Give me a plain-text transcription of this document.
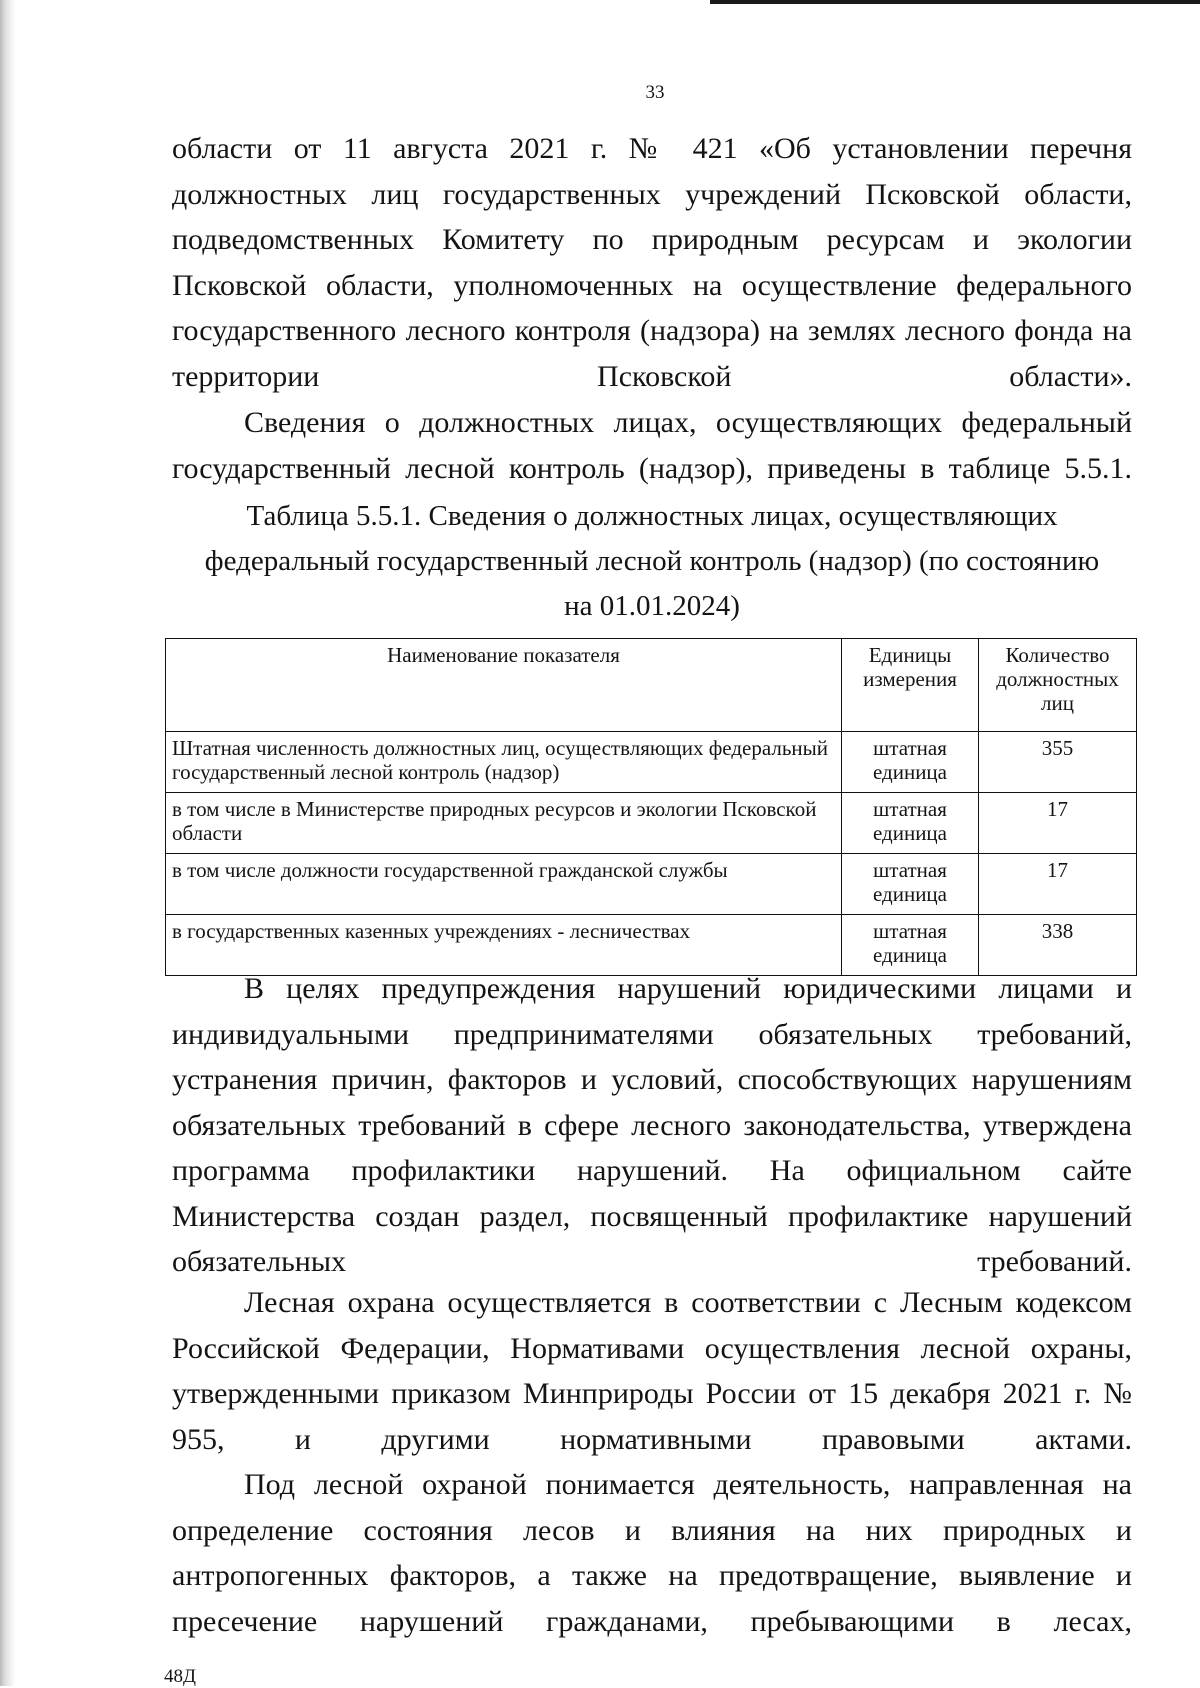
33

области от 11 августа 2021 г. № 421 «Об установлении перечня должностных лиц государственных учреждений Псковской области, подведомственных Комитету по природным ресурсам и экологии Псковской области, уполномоченных на осуществление федерального государственного лесного контроля (надзора) на землях лесного фонда на территории Псковской области».

Сведения о должностных лицах, осуществляющих федеральный государственный лесной контроль (надзор), приведены в таблице 5.5.1.

Таблица 5.5.1. Сведения о должностных лицах, осуществляющих
федеральный государственный лесной контроль (надзор) (по состоянию
на 01.01.2024)
Наименование показателя	Единицы измерения	Количество должностных лиц
Штатная численность должностных лиц, осуществляющих федеральный государственный лесной контроль (надзор)	штатная единица	355
в том числе в Министерстве природных ресурсов и экологии Псковской области	штатная единица	17
в том числе должности государственной гражданской службы	штатная единица	17
в государственных казенных учреждениях - лесничествах	штатная единица	338

В целях предупреждения нарушений юридическими лицами и индивидуальными предпринимателями обязательных требований, устранения причин, факторов и условий, способствующих нарушениям обязательных требований в сфере лесного законодательства, утверждена программа профилактики нарушений. На официальном сайте Министерства создан раздел, посвященный профилактике нарушений обязательных требований.

Лесная охрана осуществляется в соответствии с Лесным кодексом Российской Федерации, Нормативами осуществления лесной охраны, утвержденными приказом Минприроды России от 15 декабря 2021 г. № 955, и другими нормативными правовыми актами.

Под лесной охраной понимается деятельность, направленная на определение состояния лесов и влияния на них природных и антропогенных факторов, а также на предотвращение, выявление и пресечение нарушений гражданами, пребывающими в лесах,

48Д
